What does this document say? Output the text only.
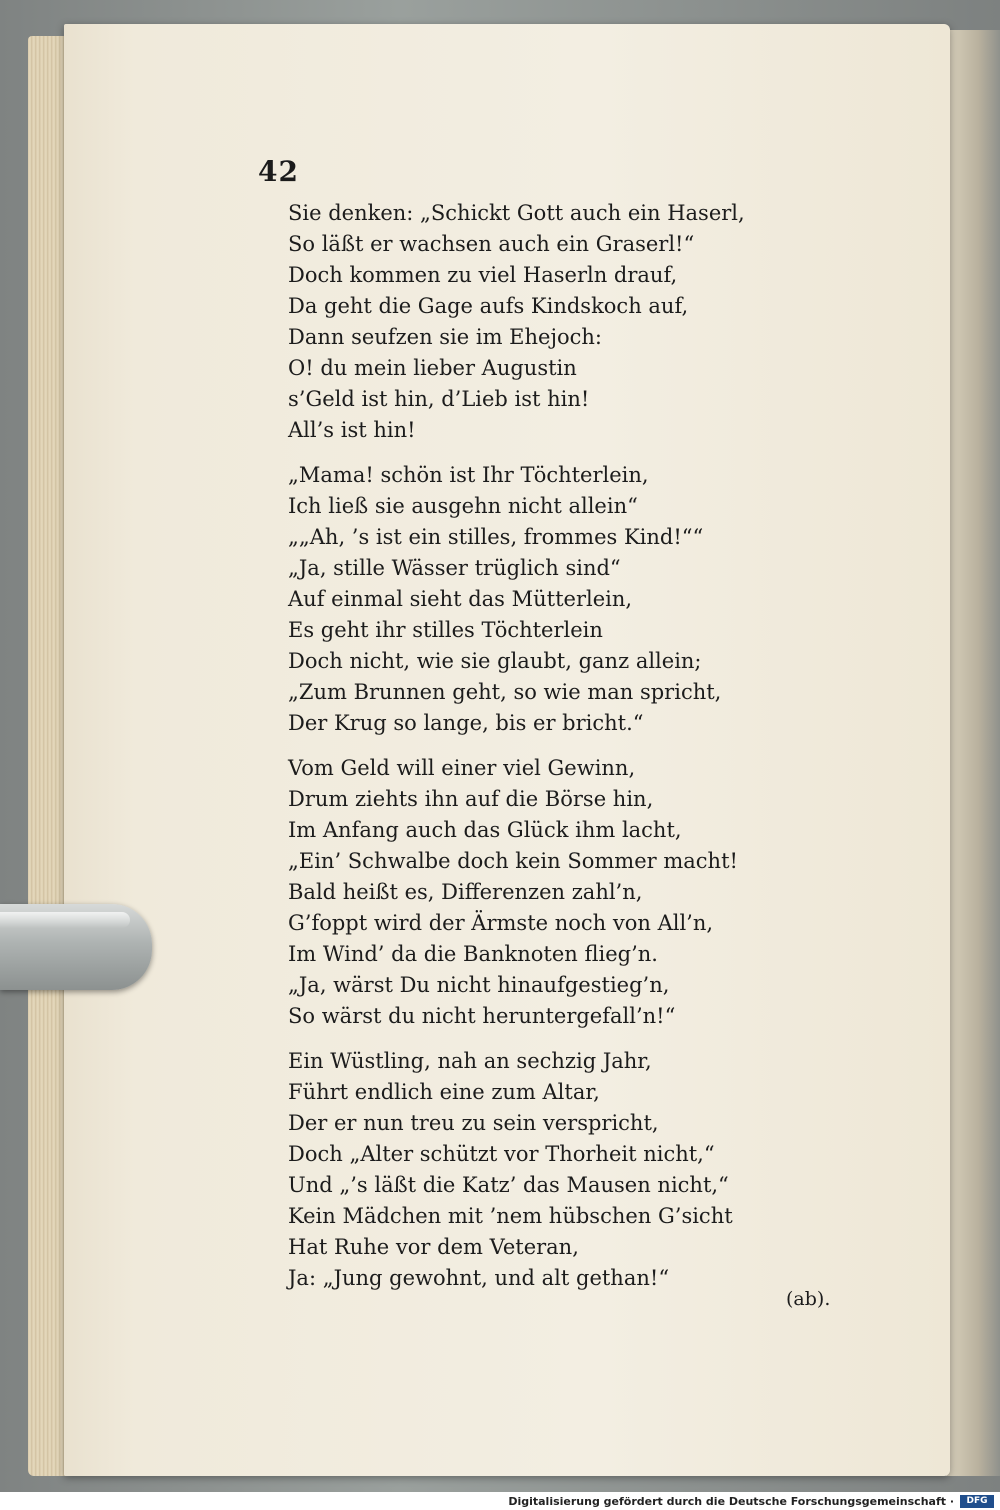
42
Sie denken: „Schickt Gott auch ein Haserl,
So läßt er wachsen auch ein Graserl!“
Doch kommen zu viel Haserln drauf,
Da geht die Gage aufs Kindskoch auf,
Dann seufzen sie im Ehejoch:
O! du mein lieber Augustin
s’Geld ist hin, d’Lieb ist hin!
All’s ist hin!
„Mama! schön ist Ihr Töchterlein,
Ich ließ sie ausgehn nicht allein“
„„Ah, ’s ist ein stilles, frommes Kind!““
„Ja, stille Wässer trüglich sind“
Auf einmal sieht das Mütterlein,
Es geht ihr stilles Töchterlein
Doch nicht, wie sie glaubt, ganz allein;
„Zum Brunnen geht, so wie man spricht,
Der Krug so lange, bis er bricht.“
Vom Geld will einer viel Gewinn,
Drum ziehts ihn auf die Börse hin,
Im Anfang auch das Glück ihm lacht,
„Ein’ Schwalbe doch kein Sommer macht!
Bald heißt es, Differenzen zahl’n,
G’foppt wird der Ärmste noch von All’n,
Im Wind’ da die Banknoten flieg’n.
„Ja, wärst Du nicht hinaufgestieg’n,
So wärst du nicht heruntergefall’n!“
Ein Wüstling, nah an sechzig Jahr,
Führt endlich eine zum Altar,
Der er nun treu zu sein verspricht,
Doch „Alter schützt vor Thorheit nicht,“
Und „’s läßt die Katz’ das Mausen nicht,“
Kein Mädchen mit ’nem hübschen G’sicht
Hat Ruhe vor dem Veteran,
Ja: „Jung gewohnt, und alt gethan!“
(ab).
Digitalisierung gefördert durch die Deutsche Forschungsgemeinschaft ·	DFG
